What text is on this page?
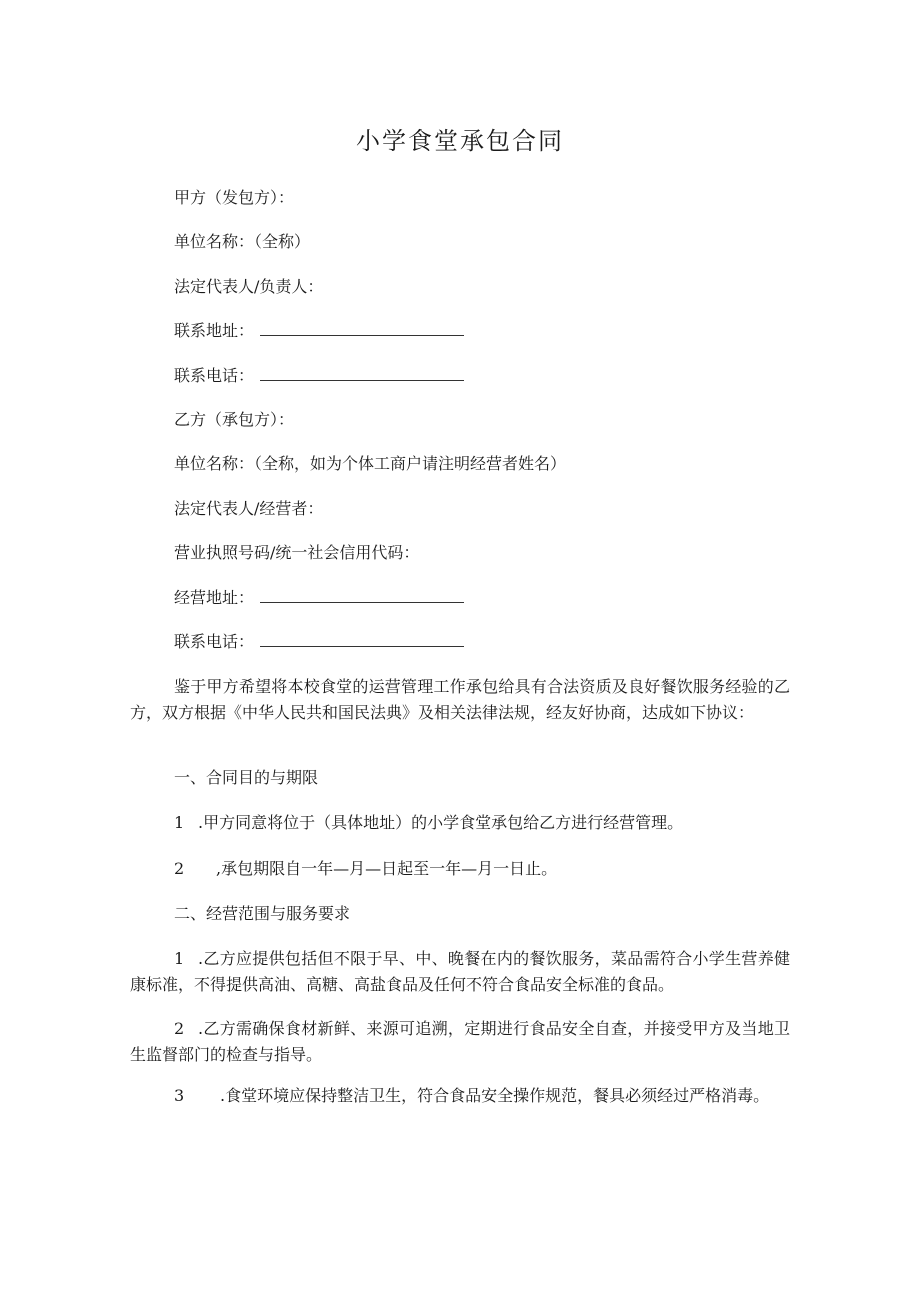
小学食堂承包合同
甲方（发包方）：
单位名称：（全称）
法定代表人/负责人：
联系地址：
联系电话：
乙方（承包方）：
单位名称：（全称，如为个体工商户请注明经营者姓名）
法定代表人/经营者：
营业执照号码/统一社会信用代码：
经营地址：
联系电话：
鉴于甲方希望将本校食堂的运营管理工作承包给具有合法资质及良好餐饮服务经验的乙方，双方根据《中华人民共和国民法典》及相关法律法规，经友好协商，达成如下协议：
一、合同目的与期限
1 .甲方同意将位于（具体地址）的小学食堂承包给乙方进行经营管理。
2 ,承包期限自一年—月—日起至一年—月一日止。
二、经营范围与服务要求
1 .乙方应提供包括但不限于早、中、晚餐在内的餐饮服务，菜品需符合小学生营养健康标准，不得提供高油、高糖、高盐食品及任何不符合食品安全标准的食品。
2 .乙方需确保食材新鲜、来源可追溯，定期进行食品安全自查，并接受甲方及当地卫生监督部门的检查与指导。
3 .食堂环境应保持整洁卫生，符合食品安全操作规范，餐具必须经过严格消毒。
